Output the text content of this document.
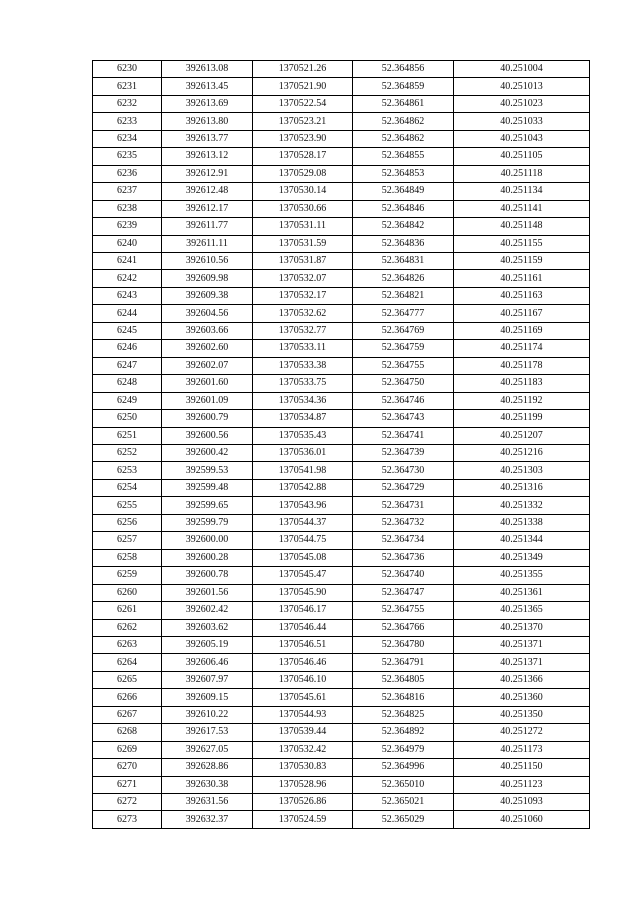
6230	392613.08	1370521.26	52.364856	40.251004
6231	392613.45	1370521.90	52.364859	40.251013
6232	392613.69	1370522.54	52.364861	40.251023
6233	392613.80	1370523.21	52.364862	40.251033
6234	392613.77	1370523.90	52.364862	40.251043
6235	392613.12	1370528.17	52.364855	40.251105
6236	392612.91	1370529.08	52.364853	40.251118
6237	392612.48	1370530.14	52.364849	40.251134
6238	392612.17	1370530.66	52.364846	40.251141
6239	392611.77	1370531.11	52.364842	40.251148
6240	392611.11	1370531.59	52.364836	40.251155
6241	392610.56	1370531.87	52.364831	40.251159
6242	392609.98	1370532.07	52.364826	40.251161
6243	392609.38	1370532.17	52.364821	40.251163
6244	392604.56	1370532.62	52.364777	40.251167
6245	392603.66	1370532.77	52.364769	40.251169
6246	392602.60	1370533.11	52.364759	40.251174
6247	392602.07	1370533.38	52.364755	40.251178
6248	392601.60	1370533.75	52.364750	40.251183
6249	392601.09	1370534.36	52.364746	40.251192
6250	392600.79	1370534.87	52.364743	40.251199
6251	392600.56	1370535.43	52.364741	40.251207
6252	392600.42	1370536.01	52.364739	40.251216
6253	392599.53	1370541.98	52.364730	40.251303
6254	392599.48	1370542.88	52.364729	40.251316
6255	392599.65	1370543.96	52.364731	40.251332
6256	392599.79	1370544.37	52.364732	40.251338
6257	392600.00	1370544.75	52.364734	40.251344
6258	392600.28	1370545.08	52.364736	40.251349
6259	392600.78	1370545.47	52.364740	40.251355
6260	392601.56	1370545.90	52.364747	40.251361
6261	392602.42	1370546.17	52.364755	40.251365
6262	392603.62	1370546.44	52.364766	40.251370
6263	392605.19	1370546.51	52.364780	40.251371
6264	392606.46	1370546.46	52.364791	40.251371
6265	392607.97	1370546.10	52.364805	40.251366
6266	392609.15	1370545.61	52.364816	40.251360
6267	392610.22	1370544.93	52.364825	40.251350
6268	392617.53	1370539.44	52.364892	40.251272
6269	392627.05	1370532.42	52.364979	40.251173
6270	392628.86	1370530.83	52.364996	40.251150
6271	392630.38	1370528.96	52.365010	40.251123
6272	392631.56	1370526.86	52.365021	40.251093
6273	392632.37	1370524.59	52.365029	40.251060
